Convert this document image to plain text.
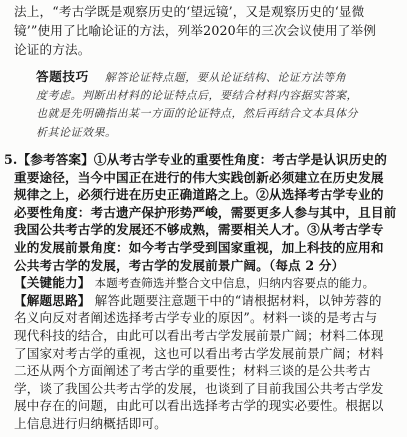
法上，“考古学既是观察历史的‘望远镜’，又是观察历史的‘显微
镜’”使用了比喻论证的方法，列举2020年的三次会议使用了举例
论证的方法。
答题技巧 解答论证特点题，要从论证结构、论证方法等角
度考虑。判断出材料的论证特点后，要结合材料内容据实答案，
也就是先明确指出某一方面的论证特点，然后再结合文本具体分
析其论证效果。
5.【参考答案】①从考古学专业的重要性角度：考古学是认识历史的
重要途径，当今中国正在进行的伟大实践创新必须建立在历史发展
规律之上，必须行进在历史正确道路之上。②从选择考古学专业的
必要性角度：考古遗产保护形势严峻，需要更多人参与其中，且目前
我国公共考古学的发展还不够成熟，需要相关人才。③从考古学专
业的发展前景角度：如今考古学受到国家重视，加上科技的应用和
公共考古学的发展，考古学的发展前景广阔。（每点 2 分）
【关键能力】 本题考查筛选并整合文中信息，归纳内容要点的能力。
【解题思路】 解答此题要注意题干中的“请根据材料，以钟芳蓉的
名义向反对者阐述选择考古学专业的原因”。材料一谈的是考古与
现代科技的结合，由此可以看出考古学发展前景广阔；材料二体现
了国家对考古学的重视，这也可以看出考古学发展前景广阔；材料
二还从两个方面阐述了考古学的重要性；材料三谈的是公共考古
学，谈了我国公共考古学的发展，也谈到了目前我国公共考古学发
展中存在的问题，由此可以看出选择考古学的现实必要性。根据以
上信息进行归纳概括即可。
